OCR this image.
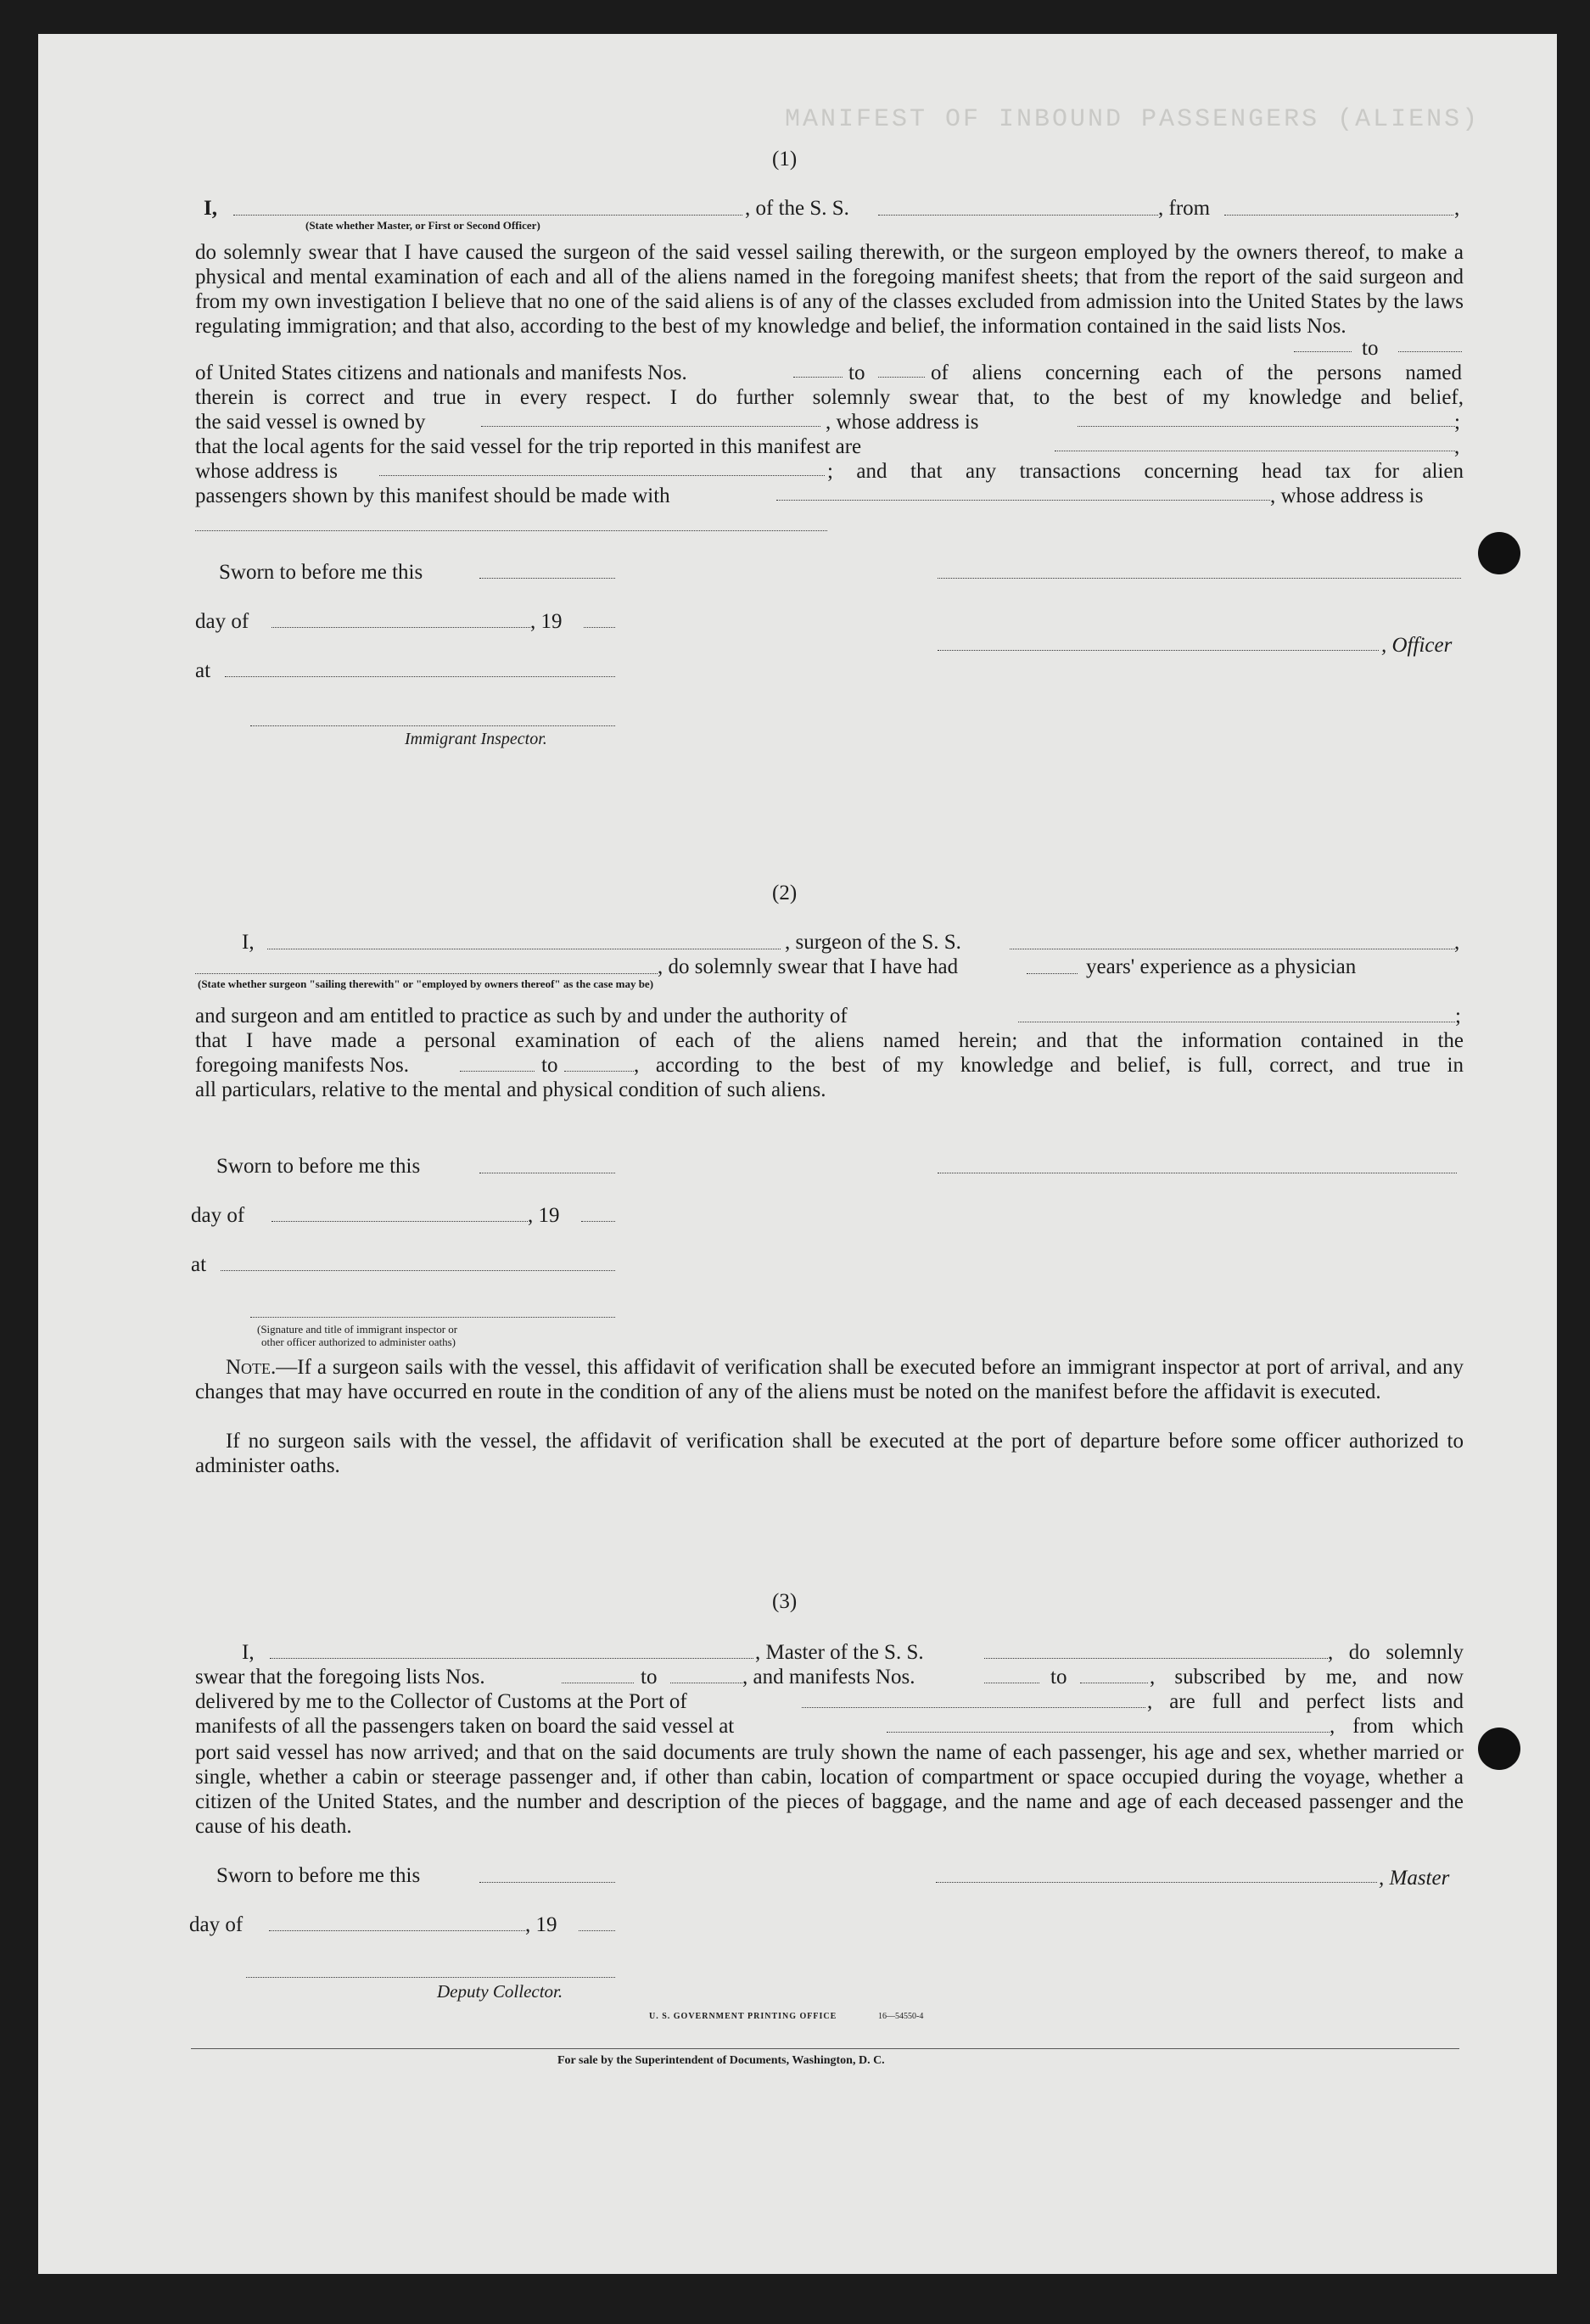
MANIFEST OF INBOUND PASSENGERS (ALIENS)
(1)
I,	, of the S. S.	, from	,
(State whether Master, or First or Second Officer)

do solemnly swear that I have caused the surgeon of the said vessel sailing therewith, or the surgeon employed by the owners thereof, to make a physical and mental examination of each and all of the aliens named in the foregoing manifest sheets; that from the report of the said surgeon and from my own investigation I believe that no one of the said aliens is of any of the classes excluded from admission into the United States by the laws regulating immigration; and that also, according to the best of my knowledge and belief, the information contained in the said lists Nos.

to
of United States citizens and nationals and manifests Nos.	to	of aliens concerning each of the persons named
therein is correct and true in every respect. I do further solemnly swear that, to the best of my knowledge and belief,
the said vessel is owned by	, whose address is	;
that the local agents for the said vessel for the trip reported in this manifest are	,
whose address is	; and that any transactions concerning head tax for alien
passengers shown by this manifest should be made with	, whose address is
Sworn to before me this
day of	, 19
, Officer
at
Immigrant Inspector.
(2)
I,	, surgeon of the S. S.	,
, do solemnly swear that I have had	years' experience as a physician
(State whether surgeon "sailing therewith" or "employed by owners thereof" as the case may be)
and surgeon and am entitled to practice as such by and under the authority of	;
that I have made a personal examination of each of the aliens named herein; and that the information contained in the
foregoing manifests Nos.	to	, according to the best of my knowledge and belief, is full, correct, and true in
all particulars, relative to the mental and physical condition of such aliens.
Sworn to before me this
day of	, 19
at
(Signature and title of immigrant inspector or
other officer authorized to administer oaths)

Note.—If a surgeon sails with the vessel, this affidavit of verification shall be executed before an immigrant inspector at port of arrival, and any changes that may have occurred en route in the condition of any of the aliens must be noted on the manifest before the affidavit is executed.

If no surgeon sails with the vessel, the affidavit of verification shall be executed at the port of departure before some officer authorized to administer oaths.

(3)
I,	, Master of the S. S.	, do solemnly
swear that the foregoing lists Nos.	to	, and manifests Nos.	to	, subscribed by me, and now
delivered by me to the Collector of Customs at the Port of	, are full and perfect lists and
manifests of all the passengers taken on board the said vessel at	, from which

port said vessel has now arrived; and that on the said documents are truly shown the name of each passenger, his age and sex, whether married or single, whether a cabin or steerage passenger and, if other than cabin, location of compartment or space occupied during the voyage, whether a citizen of the United States, and the number and description of the pieces of baggage, and the name and age of each deceased passenger and the cause of his death.

Sworn to before me this	, Master
day of	, 19
Deputy Collector.
U. S. GOVERNMENT PRINTING OFFICE	16—54550-4
For sale by the Superintendent of Documents, Washington, D. C.
